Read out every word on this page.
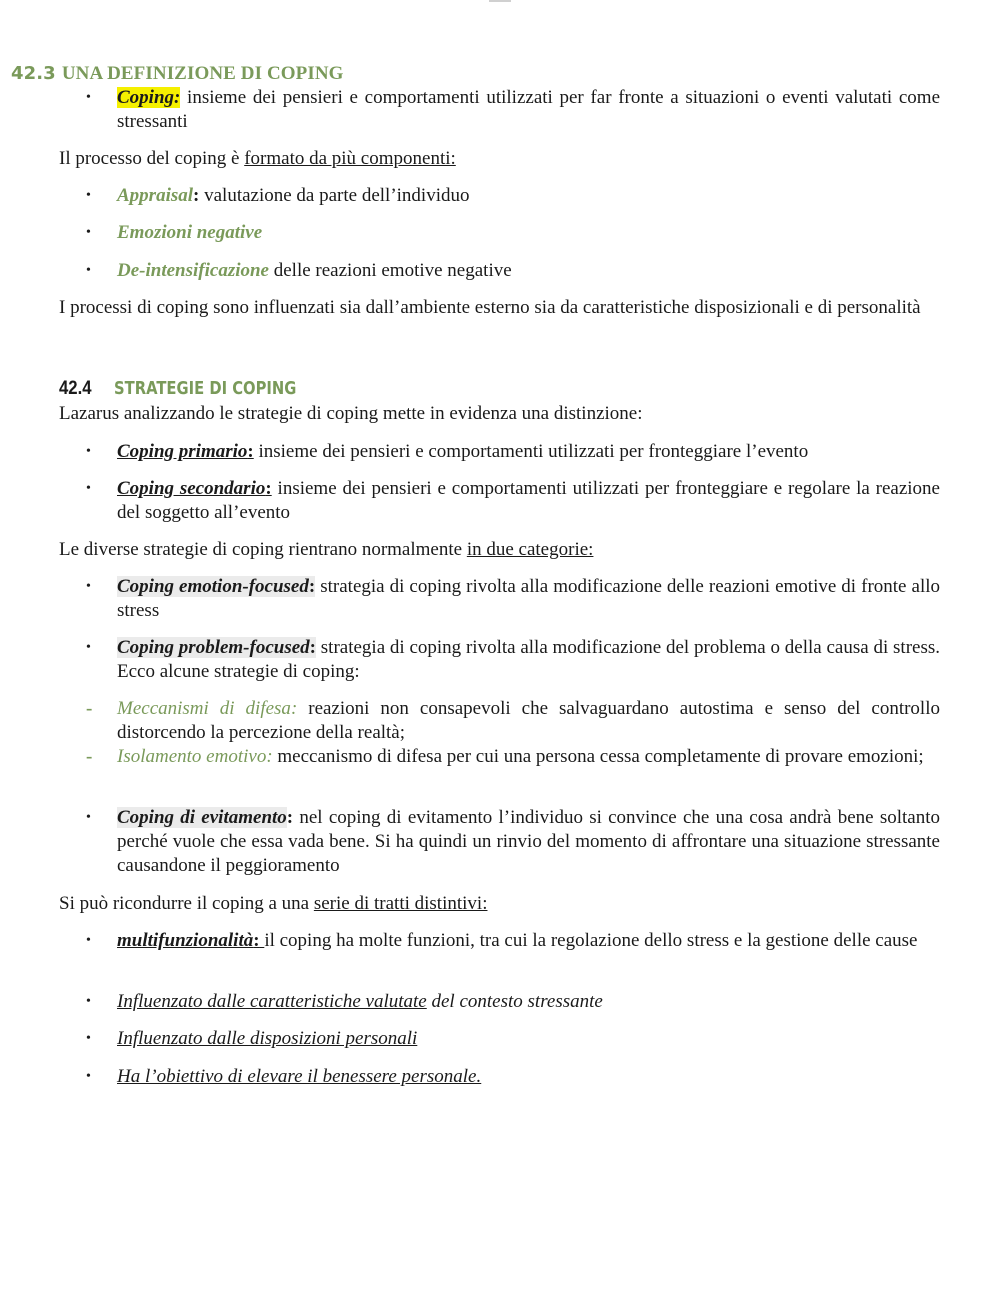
42.3 UNA DEFINIZIONE DI COPING
• Coping: insieme dei pensieri e comportamenti utilizzati per far fronte a situazioni o eventi valutati come stressanti
Il processo del coping è formato da più componenti:
• Appraisal: valutazione da parte dell’individuo
• Emozioni negative
• De-intensificazione delle reazioni emotive negative
I processi di coping sono influenzati sia dall’ambiente esterno sia da caratteristiche disposizionali e di personalità
42.4 STRATEGIE DI COPING
Lazarus analizzando le strategie di coping mette in evidenza una distinzione:
• Coping primario: insieme dei pensieri e comportamenti utilizzati per fronteggiare l’evento
• Coping secondario: insieme dei pensieri e comportamenti utilizzati per fronteggiare e regolare la reazione del soggetto all’evento
Le diverse strategie di coping rientrano normalmente in due categorie:
• Coping emotion-focused: strategia di coping rivolta alla modificazione delle reazioni emotive di fronte allo stress
• Coping problem-focused: strategia di coping rivolta alla modificazione del problema o della causa di stress. Ecco alcune strategie di coping:
- Meccanismi di difesa: reazioni non consapevoli che salvaguardano autostima e senso del controllo distorcendo la percezione della realtà;
- Isolamento emotivo: meccanismo di difesa per cui una persona cessa completamente di provare emozioni;
• Coping di evitamento: nel coping di evitamento l’individuo si convince che una cosa andrà bene soltanto perché vuole che essa vada bene. Si ha quindi un rinvio del momento di affrontare una situazione stressante causandone il peggioramento
Si può ricondurre il coping a una serie di tratti distintivi:
• multifunzionalità: il coping ha molte funzioni, tra cui la regolazione dello stress e la gestione delle cause
• Influenzato dalle caratteristiche valutate del contesto stressante
• Influenzato dalle disposizioni personali
• Ha l’obiettivo di elevare il benessere personale.
